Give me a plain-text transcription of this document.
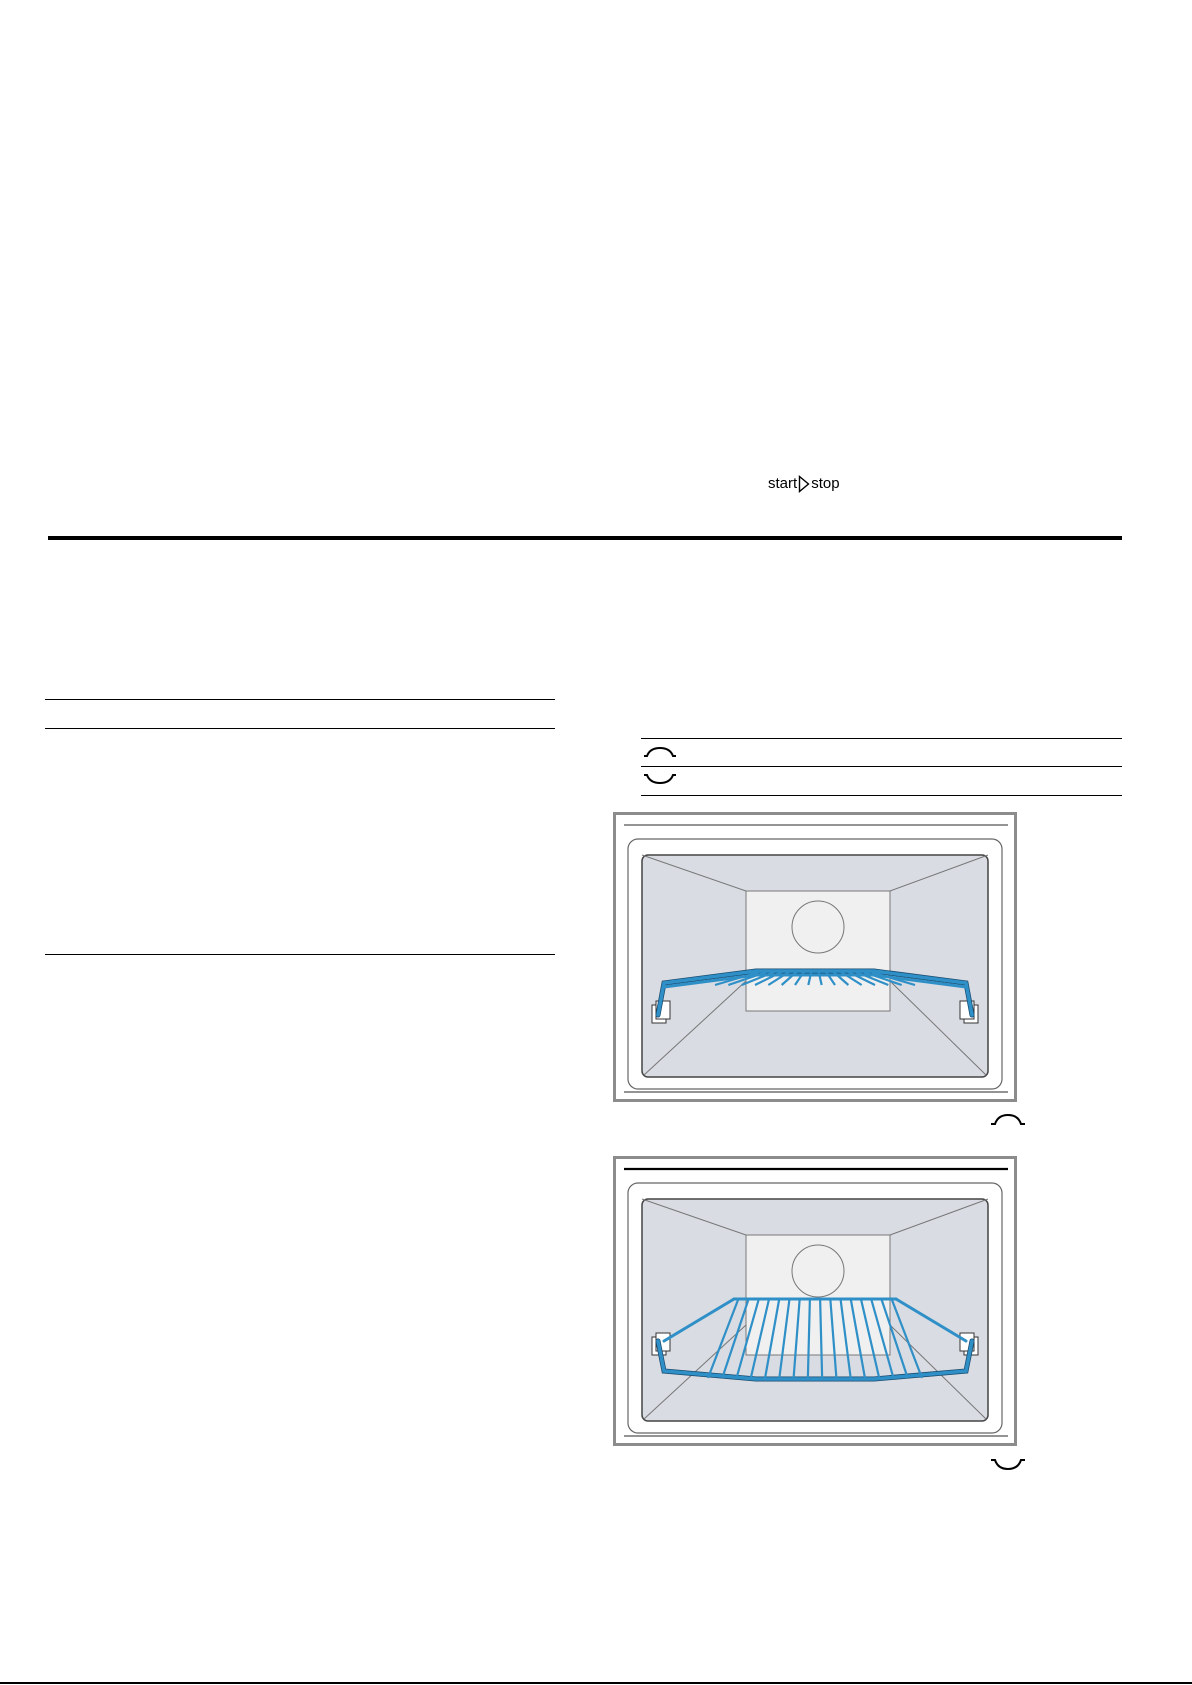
start stop
